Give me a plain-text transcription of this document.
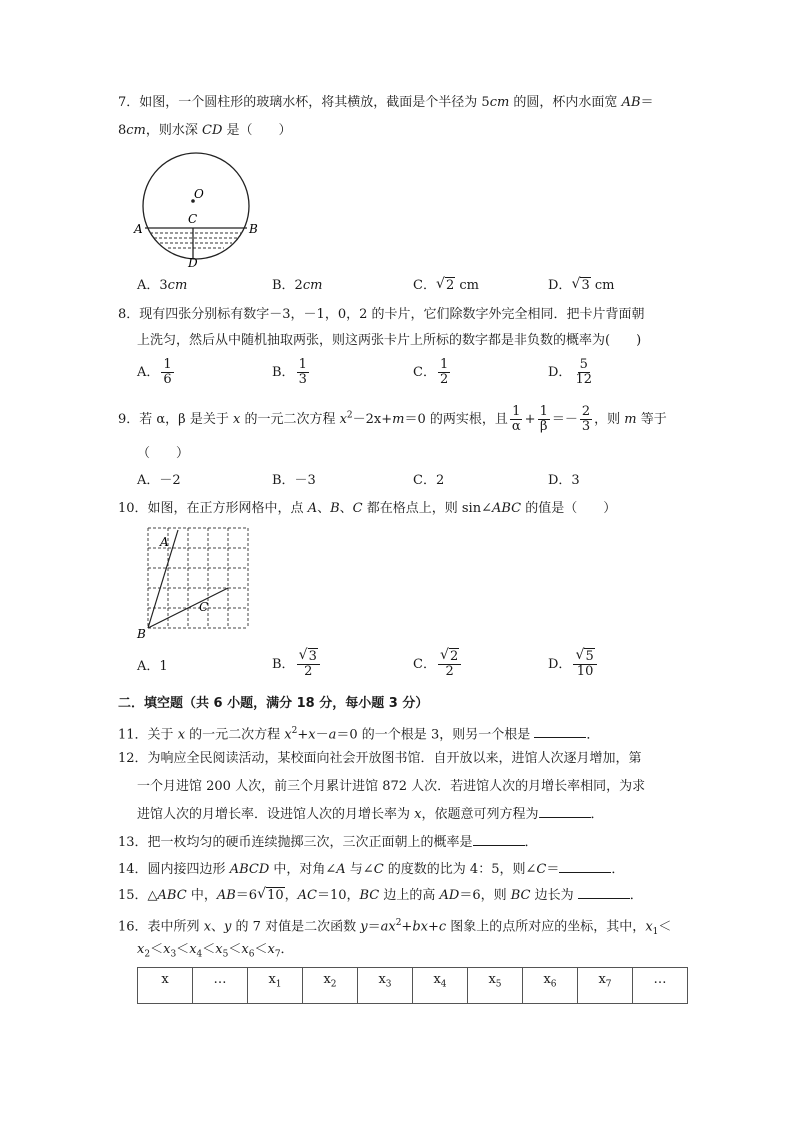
7．如图，一个圆柱形的玻璃水杯，将其横放，截面是个半径为 5cm 的圆，杯内水面宽 AB＝
8cm，则水深 CD 是（　　）
O
C
A	B
D
A．3cm	B．2cm	C． √ 2 cm	D． √ 3 cm
8．现有四张分别标有数字－3，－1，0，2 的卡片，它们除数字外完全相同．把卡片背面朝
上洗匀，然后从中随机抽取两张，则这两张卡片上所标的数字都是非负数的概率为(　　)
A． $\frac{1}{6}$	B． $\frac{1}{3}$	C． $\frac{1}{2}$	D． $\frac{5}{12}$
9．若 α，β 是关于 x 的一元二次方程 $x^2-2x+m=0$ 的两实根，且 $\frac{1}{\alpha} + \frac{1}{\beta} =- \frac{2}{3}$ ，则 m 等于
（　　）
A．－2	B．－3	C．2	D．3
10．如图，在正方形网格中，点 A、B、C 都在格点上，则 sin∠ABC 的值是（　　）
A
B
C
A．1	B． √ $\frac{3}{2}$	C． √ $\frac{2}{2}$	D． √ $\frac{5}{10}$
二．填空题（共 6 小题，满分 18 分，每小题 3 分）
11．关于 x 的一元二次方程 $x^2+x-a=0$ 的一个根是 3，则另一个根是	．
12．为响应全民阅读活动，某校面向社会开放图书馆．自开放以来，进馆人次逐月增加，第
一个月进馆 200 人次，前三个月累计进馆 872 人次．若进馆人次的月增长率相同，为求
进馆人次的月增长率．设进馆人次的月增长率为 x，依题意可列方程为	．
13．把一枚均匀的硬币连续抛掷三次，三次正面朝上的概率是	．
14．圆内接四边形 ABCD 中，对角∠A 与∠C 的度数的比为 4：5，则∠C＝	．
15．△ABC 中，AB＝6 √ 10，AC＝10，BC 边上的高 AD＝6，则 BC 边长为	．
16．表中所列 x、y 的 7 对值是二次函数 $y=ax^2+bx+c$ 图象上的点所对应的坐标，其中，$x_1<$
$x_2<x_3<x_4<x_5<x_6<x_7$．
x	…	$x_1$	$x_2$	$x_3$	$x_4$	$x_5$	$x_6$	$x_7$	…
